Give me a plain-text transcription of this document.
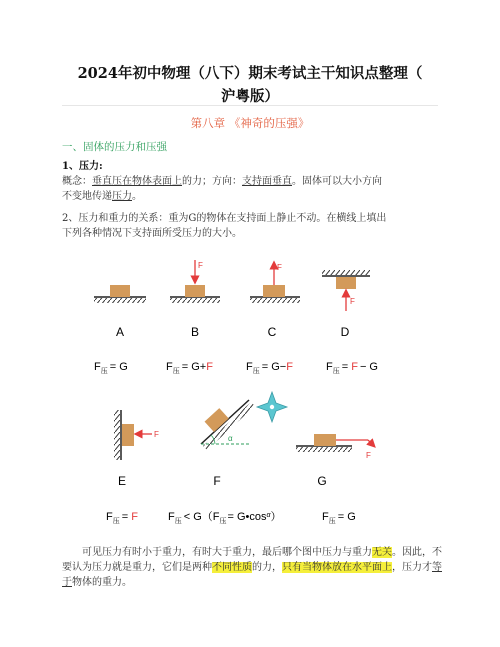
2024年初中物理（八下）期末考试主干知识点整理（
沪粤版）
第八章 《神奇的压强》
一、固体的压力和压强
1、压力:
概念：垂直压在物体表面上的力；方向：支持面垂直。固体可以大小方向
不变地传递压力。
2、压力和重力的关系：重为G的物体在支持面上静止不动。在横线上填出
下列各种情况下支持面所受压力的大小。
A
F
B
F
C
F
D
$F_压 = G$	$F_压 = G+F$	$F_压 = G-F$	$F_压 = F - G$
F
E
α
F
F
G
$F_压 = F$	$F_压 < G(F_压=$ $G•\cos^\alpha$）	$F_压 = G$
可见压力有时小于重力，有时大于重力，最后哪个图中压力与重力无关。因此，不要认为压力就是重力，它们是两种不同性质的力，只有当物体放在水平面上，压力才等于物体的重力。
